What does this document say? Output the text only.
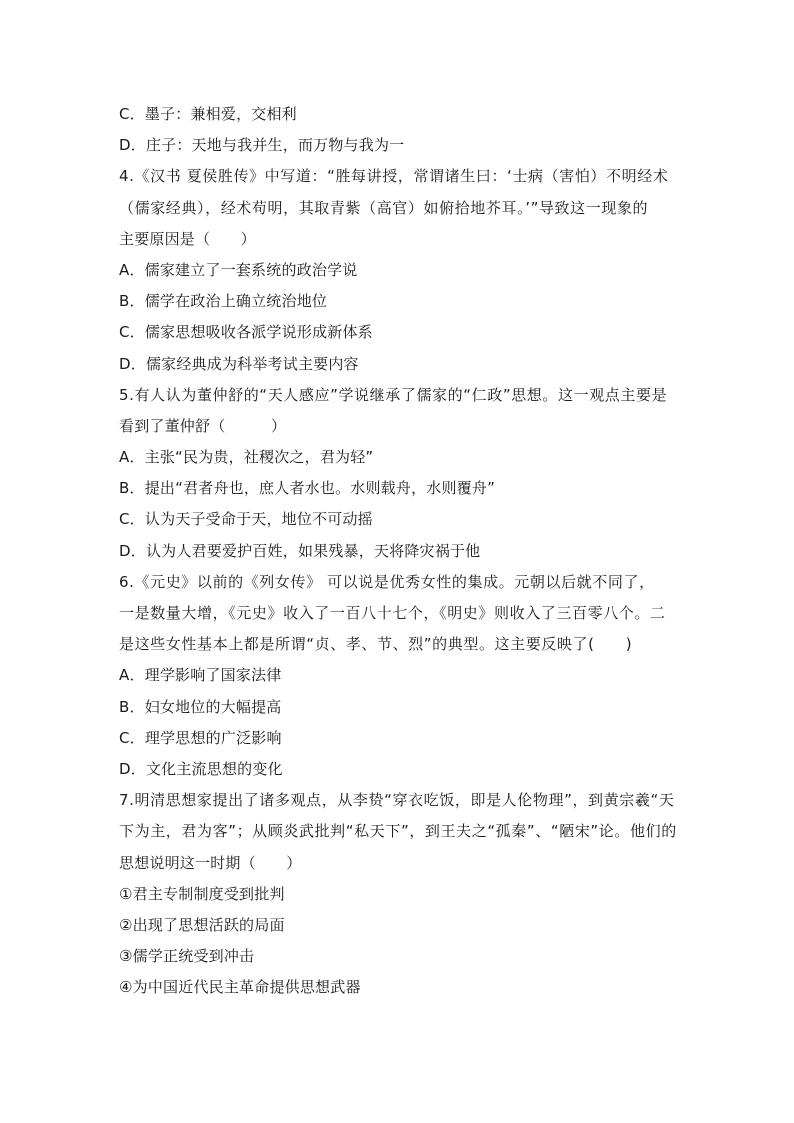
C．墨子：兼相爱，交相利
D．庄子：天地与我并生，而万物与我为一
4.《汉书 夏侯胜传》中写道：“胜每讲授，常谓诸生曰：‘士病（害怕）不明经术
（儒家经典），经术苟明，其取青紫（高官）如俯拾地芥耳。’”导致这一现象的
主要原因是（　　）
A．儒家建立了一套系统的政治学说
B．儒学在政治上确立统治地位
C．儒家思想吸收各派学说形成新体系
D．儒家经典成为科举考试主要内容
5.有人认为董仲舒的“天人感应”学说继承了儒家的“仁政”思想。这一观点主要是
看到了董仲舒（　　　）
A．主张“民为贵，社稷次之，君为轻”
B．提出“君者舟也，庶人者水也。水则载舟，水则覆舟”
C．认为天子受命于天，地位不可动摇
D．认为人君要爱护百姓，如果残暴，天将降灾祸于他
6.《元史》以前的《列女传》 可以说是优秀女性的集成。元朝以后就不同了，
一是数量大增，《元史》收入了一百八十七个，《明史》则收入了三百零八个。二
是这些女性基本上都是所谓“贞、孝、节、烈”的典型。这主要反映了(　　)
A．理学影响了国家法律
B．妇女地位的大幅提高
C．理学思想的广泛影响
D．文化主流思想的变化
7.明清思想家提出了诸多观点，从李贽“穿衣吃饭，即是人伦物理”，到黄宗羲“天
下为主，君为客”；从顾炎武批判“私天下”，到王夫之“孤秦”、“陋宋”论。他们的
思想说明这一时期（　　）
①君主专制制度受到批判
②出现了思想活跃的局面
③儒学正统受到冲击
④为中国近代民主革命提供思想武器
